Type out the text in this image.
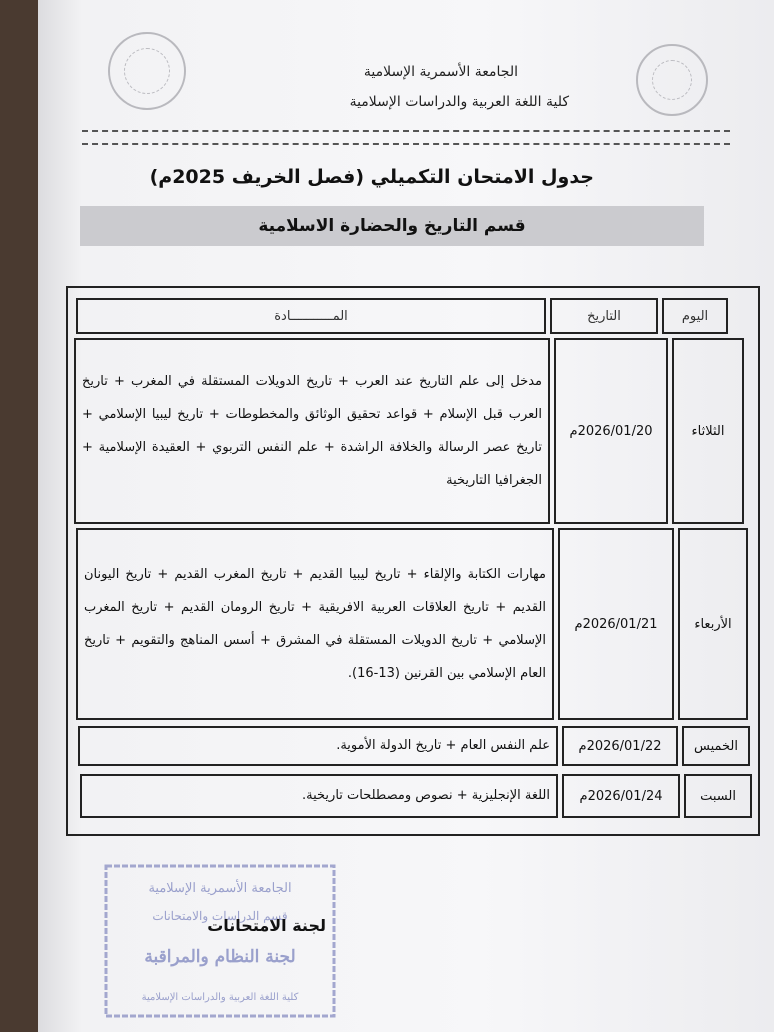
الجامعة الأسمرية الإسلامية
كلية اللغة العربية والدراسات الإسلامية
جدول الامتحان التكميلي (فصل الخريف 2025م)
قسم التاريخ والحضارة الاسلامية
اليوم
التاريخ
المـــــــــــادة
الثلاثاء
2026/01/20م
مدخل إلى علم التاريخ عند العرب + تاريخ الدويلات المستقلة في المغرب + تاريخ العرب قبل الإسلام + قواعد تحقيق الوثائق والمخطوطات + تاريخ ليبيا الإسلامي + تاريخ عصر الرسالة والخلافة الراشدة + علم النفس التربوي + العقيدة الإسلامية + الجغرافيا التاريخية
الأربعاء
2026/01/21م
مهارات الكتابة والإلقاء + تاريخ ليبيا القديم + تاريخ المغرب القديم + تاريخ اليونان القديم + تاريخ العلاقات العربية الافريقية + تاريخ الرومان القديم + تاريخ المغرب الإسلامي + تاريخ الدويلات المستقلة في المشرق + أسس المناهج والتقويم + تاريخ العام الإسلامي بين القرنين (13-16).
الخميس
2026/01/22م
علم النفس العام + تاريخ الدولة الأموية.
السبت
2026/01/24م
اللغة الإنجليزية + نصوص ومصطلحات تاريخية.
الجامعة الأسمرية الإسلامية
قسم الدراسات والامتحانات
لجنة النظام والمراقبة
كلية اللغة العربية والدراسات الإسلامية
لجنة الامتحانات
